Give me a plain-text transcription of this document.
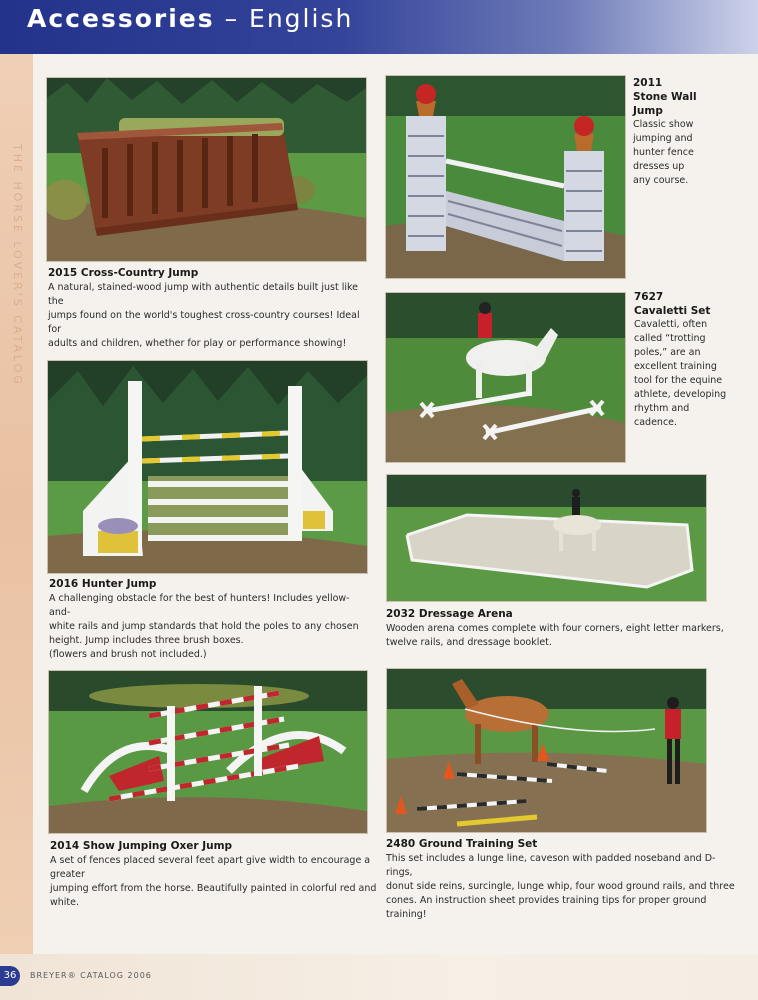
Accessories – English
THE HORSE LOVER'S CATALOG 2015 Cross-Country Jump

A natural, stained-wood jump with authentic details built just like the
jumps found on the world's toughest cross-country courses! Ideal for
adults and children, whether for play or performance showing!

2011

Stone Wall

Jump

Classic show
jumping and
hunter fence
dresses up
any course.

7627

Cavaletti Set

Cavaletti, often
called “trotting
poles,” are an
excellent training
tool for the equine
athlete, developing
rhythm and
cadence.

2016 Hunter Jump

A challenging obstacle for the best of hunters! Includes yellow-and-
white rails and jump standards that hold the poles to any chosen
height. Jump includes three brush boxes.
(flowers and brush not included.)

2032 Dressage Arena

Wooden arena comes complete with four corners, eight letter markers,
twelve rails, and dressage booklet.

2014 Show Jumping Oxer Jump

A set of fences placed several feet apart give width to encourage a greater
jumping effort from the horse. Beautifully painted in colorful red and white.

2480 Ground Training Set

This set includes a lunge line, caveson with padded noseband and D-rings,
donut side reins, surcingle, lunge whip, four wood ground rails, and three
cones. An instruction sheet provides training tips for proper ground
training!

36	BREYER® CATALOG 2006
